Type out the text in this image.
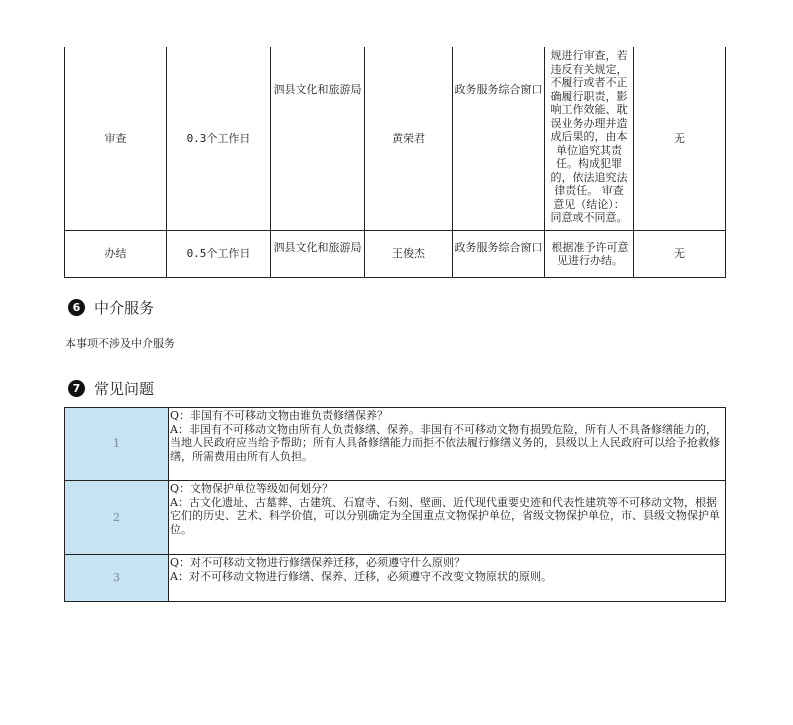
审查	0.3个工作日	泗县文化和旅游局	黄荣君	政务服务综合窗口	规进行审查，若违反有关规定，不履行或者不正确履行职责，影响工作效能、耽误业务办理并造成后果的，由本单位追究其责任。构成犯罪的，依法追究法律责任。 审查意见（结论）：同意或不同意。	无
办结	0.5个工作日	泗县文化和旅游局	王俊杰	政务服务综合窗口	根据准予许可意见进行办结。	无
6 中介服务
本事项不涉及中介服务
7 常见问题
1	Q：非国有不可移动文物由谁负责修缮保养？
A：非国有不可移动文物由所有人负责修缮、保养。非国有不可移动文物有损毁危险，所有人不具备修缮能力的，当地人民政府应当给予帮助；所有人具备修缮能力而拒不依法履行修缮义务的，县级以上人民政府可以给予抢救修缮，所需费用由所有人负担。

2	Q：文物保护单位等级如何划分？
A：古文化遗址、古墓葬、古建筑、石窟寺、石刻、壁画、近代现代重要史迹和代表性建筑等不可移动文物，根据它们的历史、艺术、科学价值，可以分别确定为全国重点文物保护单位，省级文物保护单位，市、县级文物保护单位。

3	Q：对不可移动文物进行修缮保养迁移，必须遵守什么原则？
A：对不可移动文物进行修缮、保养、迁移，必须遵守不改变文物原状的原则。
